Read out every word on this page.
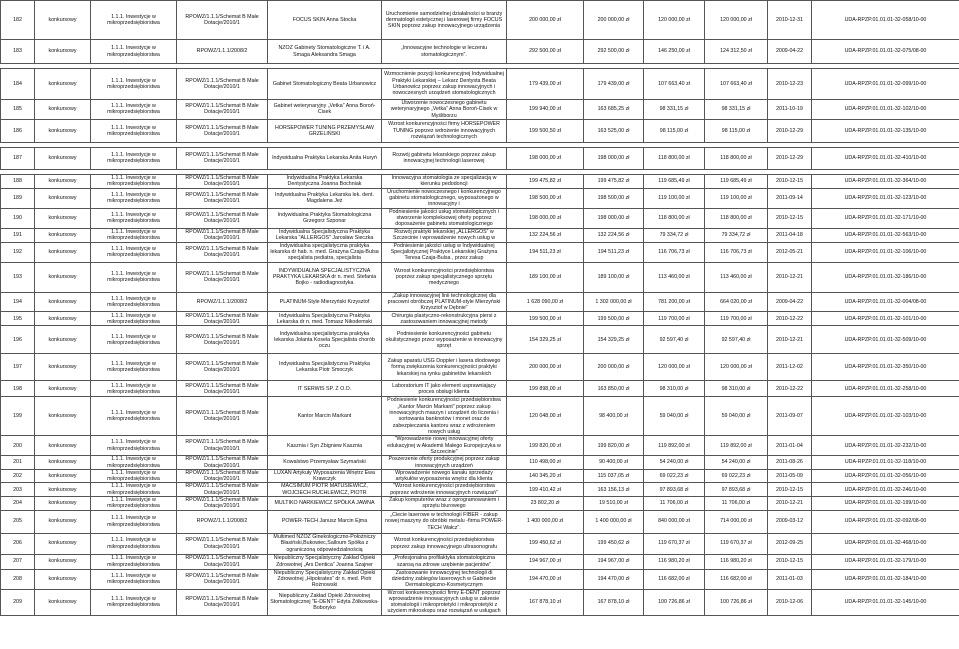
182	konkursowy	1.1.1. Inwestycje w mikroprzedsiębiorstwa	RPOWZ/1.1.1/Schemat B Małe Dotacje/2010/1	FOCUS SKIN Anna Stocka	Uruchomienie samodzielnej działalności w branży dermatologii estetycznej i laserowej firmy FOCUS SKIN poprzez zakup innowacyjnego urządzenia	200 000,00 zł	200 000,00 zł	120 000,00 zł	120 000,00 zł	2010-12-31	UDA-RPZP.01.01.01-32-058/10-00
183	konkursowy	1.1.1. Inwestycje w mikroprzedsiębiorstwa	RPOWZ/1.1.1/2008/2	NZOZ Gabinety Stomatologiczne T. i A. Smaga Aleksandra Smaga	„Innowacyjne technologie w leczeniu stomatologicznym”.	292 500,00 zł	292 500,00 zł	146 250,00 zł	124 312,50 zł	2009-04-22	UDA-RPZP.01.01.01-32-075/08-00

184	konkursowy	1.1.1. Inwestycje w mikroprzedsiębiorstwa	RPOWZ/1.1.1/Schemat B Małe Dotacje/2010/1	Gabinet Stomatologiczny Beata Urbanowicz	Wzmocnienie pozycji konkurencyjnej Indywidualnej Praktyki Lekarskiej – Lekarz Dentysta Beata Urbanowicz poprzez zakup innowacyjnych i nowoczesnych urządzeń stomatologicznych	179 439,00 zł	179 439,00 zł	107 663,40 zł	107 663,40 zł	2010-12-23	UDA-RPZP.01.01.01-32-099/10-00
185	konkursowy	1.1.1. Inwestycje w mikroprzedsiębiorstwa	RPOWZ/1.1.1/Schemat B Małe Dotacje/2010/1	Gabinet weterynaryjny „Vetka” Anna Boroń-Cisek	Utworzenie nowoczesnego gabinetu weterynaryjnego „Vetka” Anna Boroń-Cisek w Myśliborzu	199 940,00 zł	163 685,25 zł	98 331,15 zł	98 331,15 zł	2011-10-19	UDA-RPZP.01.01.01-32-102/10-00
186	konkursowy	1.1.1. Inwestycje w mikroprzedsiębiorstwa	RPOWZ/1.1.1/Schemat B Małe Dotacje/2010/1	HORSEPOWER TUNING PRZEMYSŁAW GRZELIŃSKI	Wzrost konkurencyjności firmy HORSEPOWER TUNING poprzez wdrożenie innowacyjnych rozwiązań technologicznych	199 500,50 zł	163 525,00 zł	98 115,00 zł	98 115,00 zł	2010-12-29	UDA-RPZP.01.01.01-32-135/10-00

187	konkursowy	1.1.1. Inwestycje w mikroprzedsiębiorstwa	RPOWZ/1.1.1/Schemat B Małe Dotacje/2010/1	Indywidualna Praktyka Lekarska Anita Huryń	Rozwój gabinetu lekarskiego poprzez zakup innowacyjnej technologii laserowej	198 000,00 zł	198 000,00 zł	118 800,00 zł	118 800,00 zł	2010-12-29	UDA-RPZP.01.01.01-32-410/10-00

188	konkursowy	1.1.1. Inwestycje w mikroprzedsiębiorstwa	RPOWZ/1.1.1/Schemat B Małe Dotacje/2010/1	Indywidualna Praktyka Lekarska Dentystyczna Joanna Bochniak	Innowacyjna stomatologia ze specjalizacją w kierunku pedodoncji	199 475,82 zł	199 475,82 zł	119 685,49 zł	119 685,49 zł	2010-12-15	UDA-RPZP.01.01.01-32-364/10-00
189	konkursowy	1.1.1. Inwestycje w mikroprzedsiębiorstwa	RPOWZ/1.1.1/Schemat B Małe Dotacje/2010/1	Indywidualna Praktyka Lekarska lek. dent. Magdalena Jeż	Uruchomienie nowoczesnego i konkurencyjnego gabinetu stomatologicznego, wyposażonego w innowacyjny i	198 500,00 zł	198 500,00 zł	119 100,00 zł	119 100,00 zł	2011-09-14	UDA-RPZP.01.01.01-32-123/10-00
190	konkursowy	1.1.1. Inwestycje w mikroprzedsiębiorstwa	RPOWZ/1.1.1/Schemat B Małe Dotacje/2010/1	Indywidualna Praktyka Stomatologiczna Grzegorz Szponar	Podniesienie jakości usług stomatologicznych i stworzenie kompleksowej oferty poprzez doposażenie gabinetu stomatologicznego	198 000,00 zł	198 000,00 zł	118 800,00 zł	118 800,00 zł	2010-12-15	UDA-RPZP.01.01.01-32-171/10-00
191	konkursowy	1.1.1. Inwestycje w mikroprzedsiębiorstwa	RPOWZ/1.1.1/Schemat B Małe Dotacje/2010/1	Indywidualna Specjalistyczna Praktyka Lekarska "ALLERGOS" Jarosław Sieczka	Rozwój praktyki lekarskiej „ALLERGOS” w Szczecinie i wprowadzenie nowych usług w	132 224,56 zł	132 224,56 zł	79 334,72 zł	79 334,72 zł	2011-04-18	UDA-RPZP.01.01.01-32-563/10-00
192	konkursowy	1.1.1. Inwestycje w mikroprzedsiębiorstwa	RPOWZ/1.1.1/Schemat B Małe Dotacje/2010/1	Indywidualna specjalistyczna praktyka lekarska dr hab. n. med. Grażyna Czaja-Bulsa specjalista pediatra, specjalista	Podniesienie jakości usług w Indywidualnej Specjalistycznej Praktyce Lekarskiej Grażyna Teresa Czaja-Bulsa , przez zakup	194 511,23 zł	194 511,23 zł	116 706,73 zł	116 706,73 zł	2012-05-21	UDA-RPZP.01.01.01-32-106/10-00
193	konkursowy	1.1.1. Inwestycje w mikroprzedsiębiorstwa	RPOWZ/1.1.1/Schemat B Małe Dotacje/2010/1	INDYWIDUALNA SPECJALISTYCZNA PRAKTYKA LEKARSKA dr n. med. Stefania Bojko - radiodiagnostyka	Wzrost konkurencyjności przedsiębiorstwa poprzez zakup specjalistycznego sprzętu medycznego	189 100,00 zł	189 100,00 zł	113 460,00 zł	113 460,00 zł	2010-12-21	UDA-RPZP.01.01.01-32-186/10-00
194	konkursowy	1.1.1. Inwestycje w mikroprzedsiębiorstwa	RPOWZ/1.1.1/2008/2	PLATINUM-Style Mierzyński Krzysztof	„Zakup innowacyjnej linii technologicznej dla pracowni obróbczej PLATINUM-style Mierzyński Krzysztof w Dębnie”	1 628 090,00 zł	1 302 000,00 zł	781 200,00 zł	664 020,00 zł	2009-04-22	UDA-RPZP.01.01.01-32-004/08-00
195	konkursowy	1.1.1. Inwestycje w mikroprzedsiębiorstwa	RPOWZ/1.1.1/Schemat B Małe Dotacje/2010/1	Indywidualna Specjalistyczna Praktyka Lekarska dr n. med. Tomasz Nikodemski	Chirurgia plastyczno-rekonstrukcyjna piersi z zastosowaniem innowacyjnej metody	199 500,00 zł	199 500,00 zł	119 700,00 zł	119 700,00 zł	2010-12-22	UDA-RPZP.01.01.01-32-101/10-00
196	konkursowy	1.1.1. Inwestycje w mikroprzedsiębiorstwa	RPOWZ/1.1.1/Schemat B Małe Dotacje/2010/1	Indywidualna specjalistyczna praktyka lekarska Jolanta Kosela Specjalista chorób oczu	Podniesienie konkurencyjności gabinetu okulistycznego przez wyposażenie w innowacyjny sprzęt	154 329,25 zł	154 329,25 zł	92 597,40 zł	92 597,40 zł	2010-12-21	UDA-RPZP.01.01.01-32-509/10-00
197	konkursowy	1.1.1. Inwestycje w mikroprzedsiębiorstwa	RPOWZ/1.1.1/Schemat B Małe Dotacje/2010/1	Indywidualna Specjalistyczna Praktyka Lekarska Piotr Smoczyk	Zakup aparatu USG Doppler i lasera diodowego formą zwiększenia konkurencyjności praktyki lekarskiej na rynku gabinetów lekarskich	200 000,00 zł	200 000,00 zł	120 000,00 zł	120 000,00 zł	2011-12-02	UDA-RPZP.01.01.01-32-350/10-00
198	konkursowy	1.1.1. Inwestycje w mikroprzedsiębiorstwa	RPOWZ/1.1.1/Schemat B Małe Dotacje/2010/1	IT SERWIS SP. Z O.O.	Laboratorium IT jako element usprawniający proces obsługi klienta	199 898,00 zł	163 850,00 zł	98 310,00 zł	98 310,00 zł	2010-12-22	UDA-RPZP.01.01.01-32-258/10-00
199	konkursowy	1.1.1. Inwestycje w mikroprzedsiębiorstwa	RPOWZ/1.1.1/Schemat B Małe Dotacje/2010/1	Kantor Marcin Markant	Podniesienie konkurencyjności przedsiębiorstwa „Kantor Marcin Markant” poprzez zakup innowacyjnych maszyn i urządzeń do liczenia i sortowania banknotów i monet oraz do zabezpieczania kantoru wraz z wdrożeniem nowych usług	120 048,00 zł	98 400,00 zł	59 040,00 zł	59 040,00 zł	2011-09-07	UDA-RPZP.01.01.01-32-103/10-00
200	konkursowy	1.1.1. Inwestycje w mikroprzedsiębiorstwa	RPOWZ/1.1.1/Schemat B Małe Dotacje/2010/1	Kasznia i Syn Zbigniew Kasznia	"Wprowadzenie nowej innowacyjnej oferty edukacyjnej w Akademii Małego Europejczyka w Szczecinie"	199 820,00 zł	199 820,00 zł	119 892,00 zł	119 892,00 zł	2011-01-04	UDA-RPZP.01.01.01-32-232/10-00
201	konkursowy	1.1.1. Inwestycje w mikroprzedsiębiorstwa	RPOWZ/1.1.1/Schemat B Małe Dotacje/2010/1	Kowalstwo Przemysław Szymański	Poszerzenie oferty produkcyjnej poprzez zakup innowacyjnych urządzeń	110 498,00 zł	90 400,00 zł	54 240,00 zł	54 240,00 zł	2011-08-26	UDA-RPZP.01.01.01-32-118/10-00
202	konkursowy	1.1.1. Inwestycje w mikroprzedsiębiorstwa	RPOWZ/1.1.1/Schemat B Małe Dotacje/2010/1	LUXAN Artykuły Wyposażenia Wnętrz Ewa Krawczyk	Wprowadzenie nowego kanału sprzedaży artykułów wyposażenia wnętrz dla klienta	140 345,20 zł	115 037,05 zł	69 022,23 zł	69 022,23 zł	2011-05-09	UDA-RPZP.01.01.01-32-056/10-00
203	konkursowy	1.1.1. Inwestycje w mikroprzedsiębiorstwa	RPOWZ/1.1.1/Schemat B Małe Dotacje/2010/1	MACSIMUM PIOTR MATUSIEWICZ, WOJCIECH RUCHLEWICZ, PIOTR	"Wzrost konkurencyjności przedsiębiorstwa poprzez wdrożenie innowacyjnych rozwiązań"	199 410,42 zł	163 156,13 zł	97 893,68 zł	97 893,68 zł	2010-12-15	UDA-RPZP.01.01.01-32-246/10-00
204	konkursowy	1.1.1. Inwestycje w mikroprzedsiębiorstwa	RPOWZ/1.1.1/Schemat B Małe Dotacje/2010/1	MULTIKO NARKIEWICZ SPÓŁKA JAWNA	Zakup komputerów wraz z oprogramowaniem i sprzętu biurowego	23 802,20 zł	19 510,00 zł	11 706,00 zł	11 706,00 zł	2010-12-21	UDA-RPZP.01.01.01-32-199/10-00
205	konkursowy	1.1.1. Inwestycje w mikroprzedsiębiorstwa	RPOWZ/1.1.1/2008/2	POWER-TECH Janusz Marcin Ejma	„Ciecie laserowe w technologii FIBER - zakup nowej maszyny do obróbki metalu -firma POWER-TECH Wałcz”.	1 400 000,00 zł	1 400 000,00 zł	840 000,00 zł	714 000,00 zł	2009-03-12	UDA-RPZP.01.01.01-32-092/08-00
206	konkursowy	1.1.1. Inwestycje w mikroprzedsiębiorstwa	RPOWZ/1.1.1/Schemat B Małe Dotacje/2010/1	Multimed NZOZ Ginekologiczno-Położniczy Błasiński,Bukowiec,Salloum Spółka z ograniczoną odpowiedzialnością	Wzrost konkurencyjności przedsiębiorstwa poprzez zakup innowacyjnego ultrasonografu	199 450,62 zł	199 450,62 zł	119 670,37 zł	119 670,37 zł	2012-09-25	UDA-RPZP.01.01.01-32-468/10-00
207	konkursowy	1.1.1. Inwestycje w mikroprzedsiębiorstwa	RPOWZ/1.1.1/Schemat B Małe Dotacje/2010/1	Niepubliczny Specjalistyczny Zakład Opieki Zdrowotnej „Ars Dentica” Joanna Szajner	„Profesjonalna profilaktyka stomatologiczna szansą na zdrowe uzębienie pacjentów”	194 967,00 zł	194 967,00 zł	116 980,20 zł	116 980,20 zł	2010-12-15	UDA-RPZP.01.01.01-32-179/10-00
208	konkursowy	1.1.1. Inwestycje w mikroprzedsiębiorstwa	RPOWZ/1.1.1/Schemat B Małe Dotacje/2010/1	Niepubliczny Specjalistyczny Zakład Opieki Zdrowotnej „Hipokrates” dr n. med. Piotr Rożnowski	Zastosowanie innowacyjnej technologii di dziedziny zabiegów laserowych w Gabinecie Dermatologiczno-Kosmetycznym	194 470,00 zł	194 470,00 zł	116 682,00 zł	116 682,00 zł	2011-01-03	UDA-RPZP.01.01.01-32-184/10-00
209	konkursowy	1.1.1. Inwestycje w mikroprzedsiębiorstwa	RPOWZ/1.1.1/Schemat B Małe Dotacje/2010/1	Niepubliczny Zakład Opieki Zdrowotnej Stomatologicznej "E-DENT" Edyta Żółkowska-Boboryko	Wzrost konkurencyjności firmy E-DENT poprzez wprowadzenie innowacyjnych usług w zakresie stomatologii i mikroprotetyki i mikroprotetyki z użyciem mikroskopu oraz rozwiązań w usługach	167 878,10 zł	167 878,10 zł	100 726,86 zł	100 726,86 zł	2010-12-06	UDA-RPZP.01.01.01-32-145/10-00
